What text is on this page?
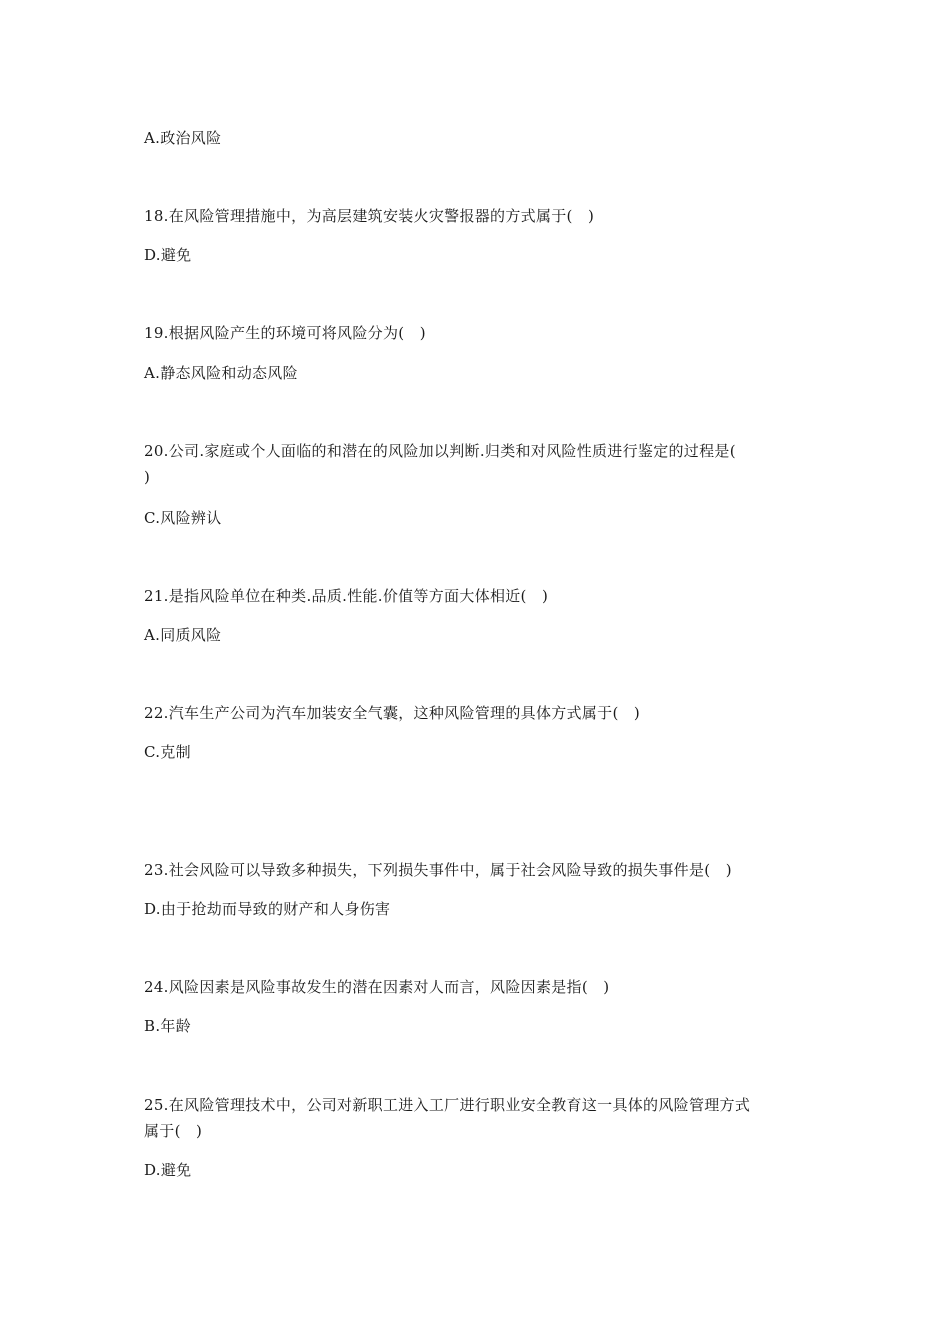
A.政治风险
18.在风险管理措施中，为高层建筑安装火灾警报器的方式属于(　)
D.避免
19.根据风险产生的环境可将风险分为(　)
A.静态风险和动态风险
20.公司.家庭或个人面临的和潜在的风险加以判断.归类和对风险性质进行鉴定的过程是(
)
C.风险辨认
21.是指风险单位在种类.品质.性能.价值等方面大体相近(　)
A.同质风险
22.汽车生产公司为汽车加装安全气囊，这种风险管理的具体方式属于(　)
C.克制
23.社会风险可以导致多种损失，下列损失事件中，属于社会风险导致的损失事件是(　)
D.由于抢劫而导致的财产和人身伤害
24.风险因素是风险事故发生的潜在因素对人而言，风险因素是指(　)
B.年龄
25.在风险管理技术中，公司对新职工进入工厂进行职业安全教育这一具体的风险管理方式
属于(　)
D.避免
